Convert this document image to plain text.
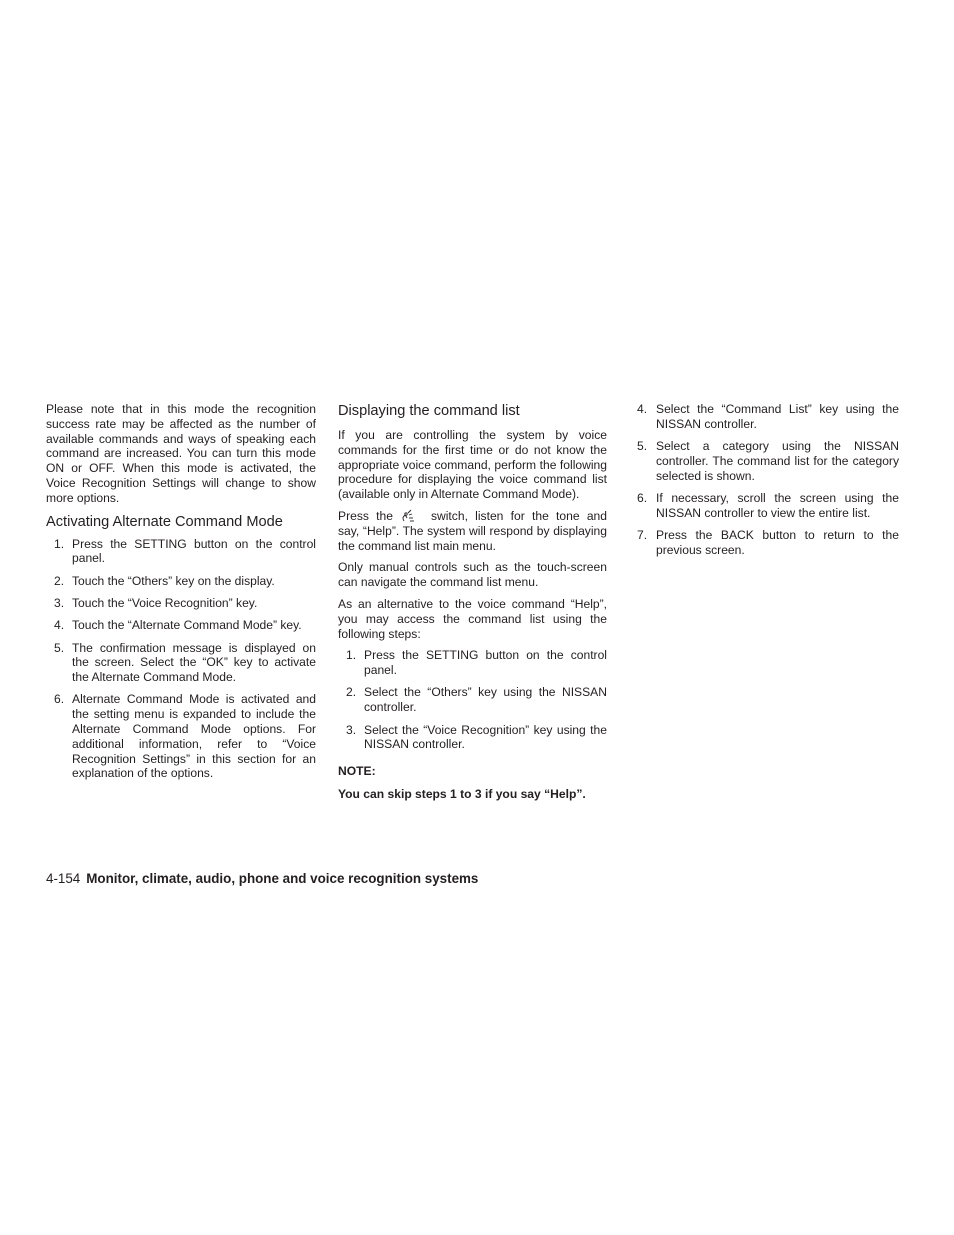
Please note that in this mode the recognition success rate may be affected as the number of available commands and ways of speaking each command are increased. You can turn this mode ON or OFF. When this mode is activated, the Voice Recognition Settings will change to show more options.

Activating Alternate Command Mode
1. Press the SETTING button on the control panel.
2. Touch the “Others” key on the display.
3. Touch the “Voice Recognition” key.
4. Touch the “Alternate Command Mode” key.
5. The confirmation message is displayed on the screen. Select the “OK” key to activate the Alternate Command Mode.
6. Alternate Command Mode is activated and the setting menu is expanded to include the Alternate Command Mode options. For additional information, refer to “Voice Recognition Settings” in this section for an explanation of the options.
Displaying the command list

If you are controlling the system by voice commands for the first time or do not know the appropriate voice command, perform the following procedure for displaying the voice command list (available only in Alternate Command Mode).

Press the	switch, listen for the tone and say, “Help”. The system will respond by displaying the command list main menu.

Only manual controls such as the touch-screen can navigate the command list menu.

As an alternative to the voice command “Help”, you may access the command list using the following steps:

1. Press the SETTING button on the control panel.
2. Select the “Others” key using the NISSAN controller.
3. Select the “Voice Recognition” key using the NISSAN controller.

NOTE:

You can skip steps 1 to 3 if you say “Help”.

4. Select the “Command List” key using the NISSAN controller.
5. Select a category using the NISSAN controller. The command list for the category selected is shown.
6. If necessary, scroll the screen using the NISSAN controller to view the entire list.
7. Press the BACK button to return to the previous screen.
4-154 Monitor, climate, audio, phone and voice recognition systems
